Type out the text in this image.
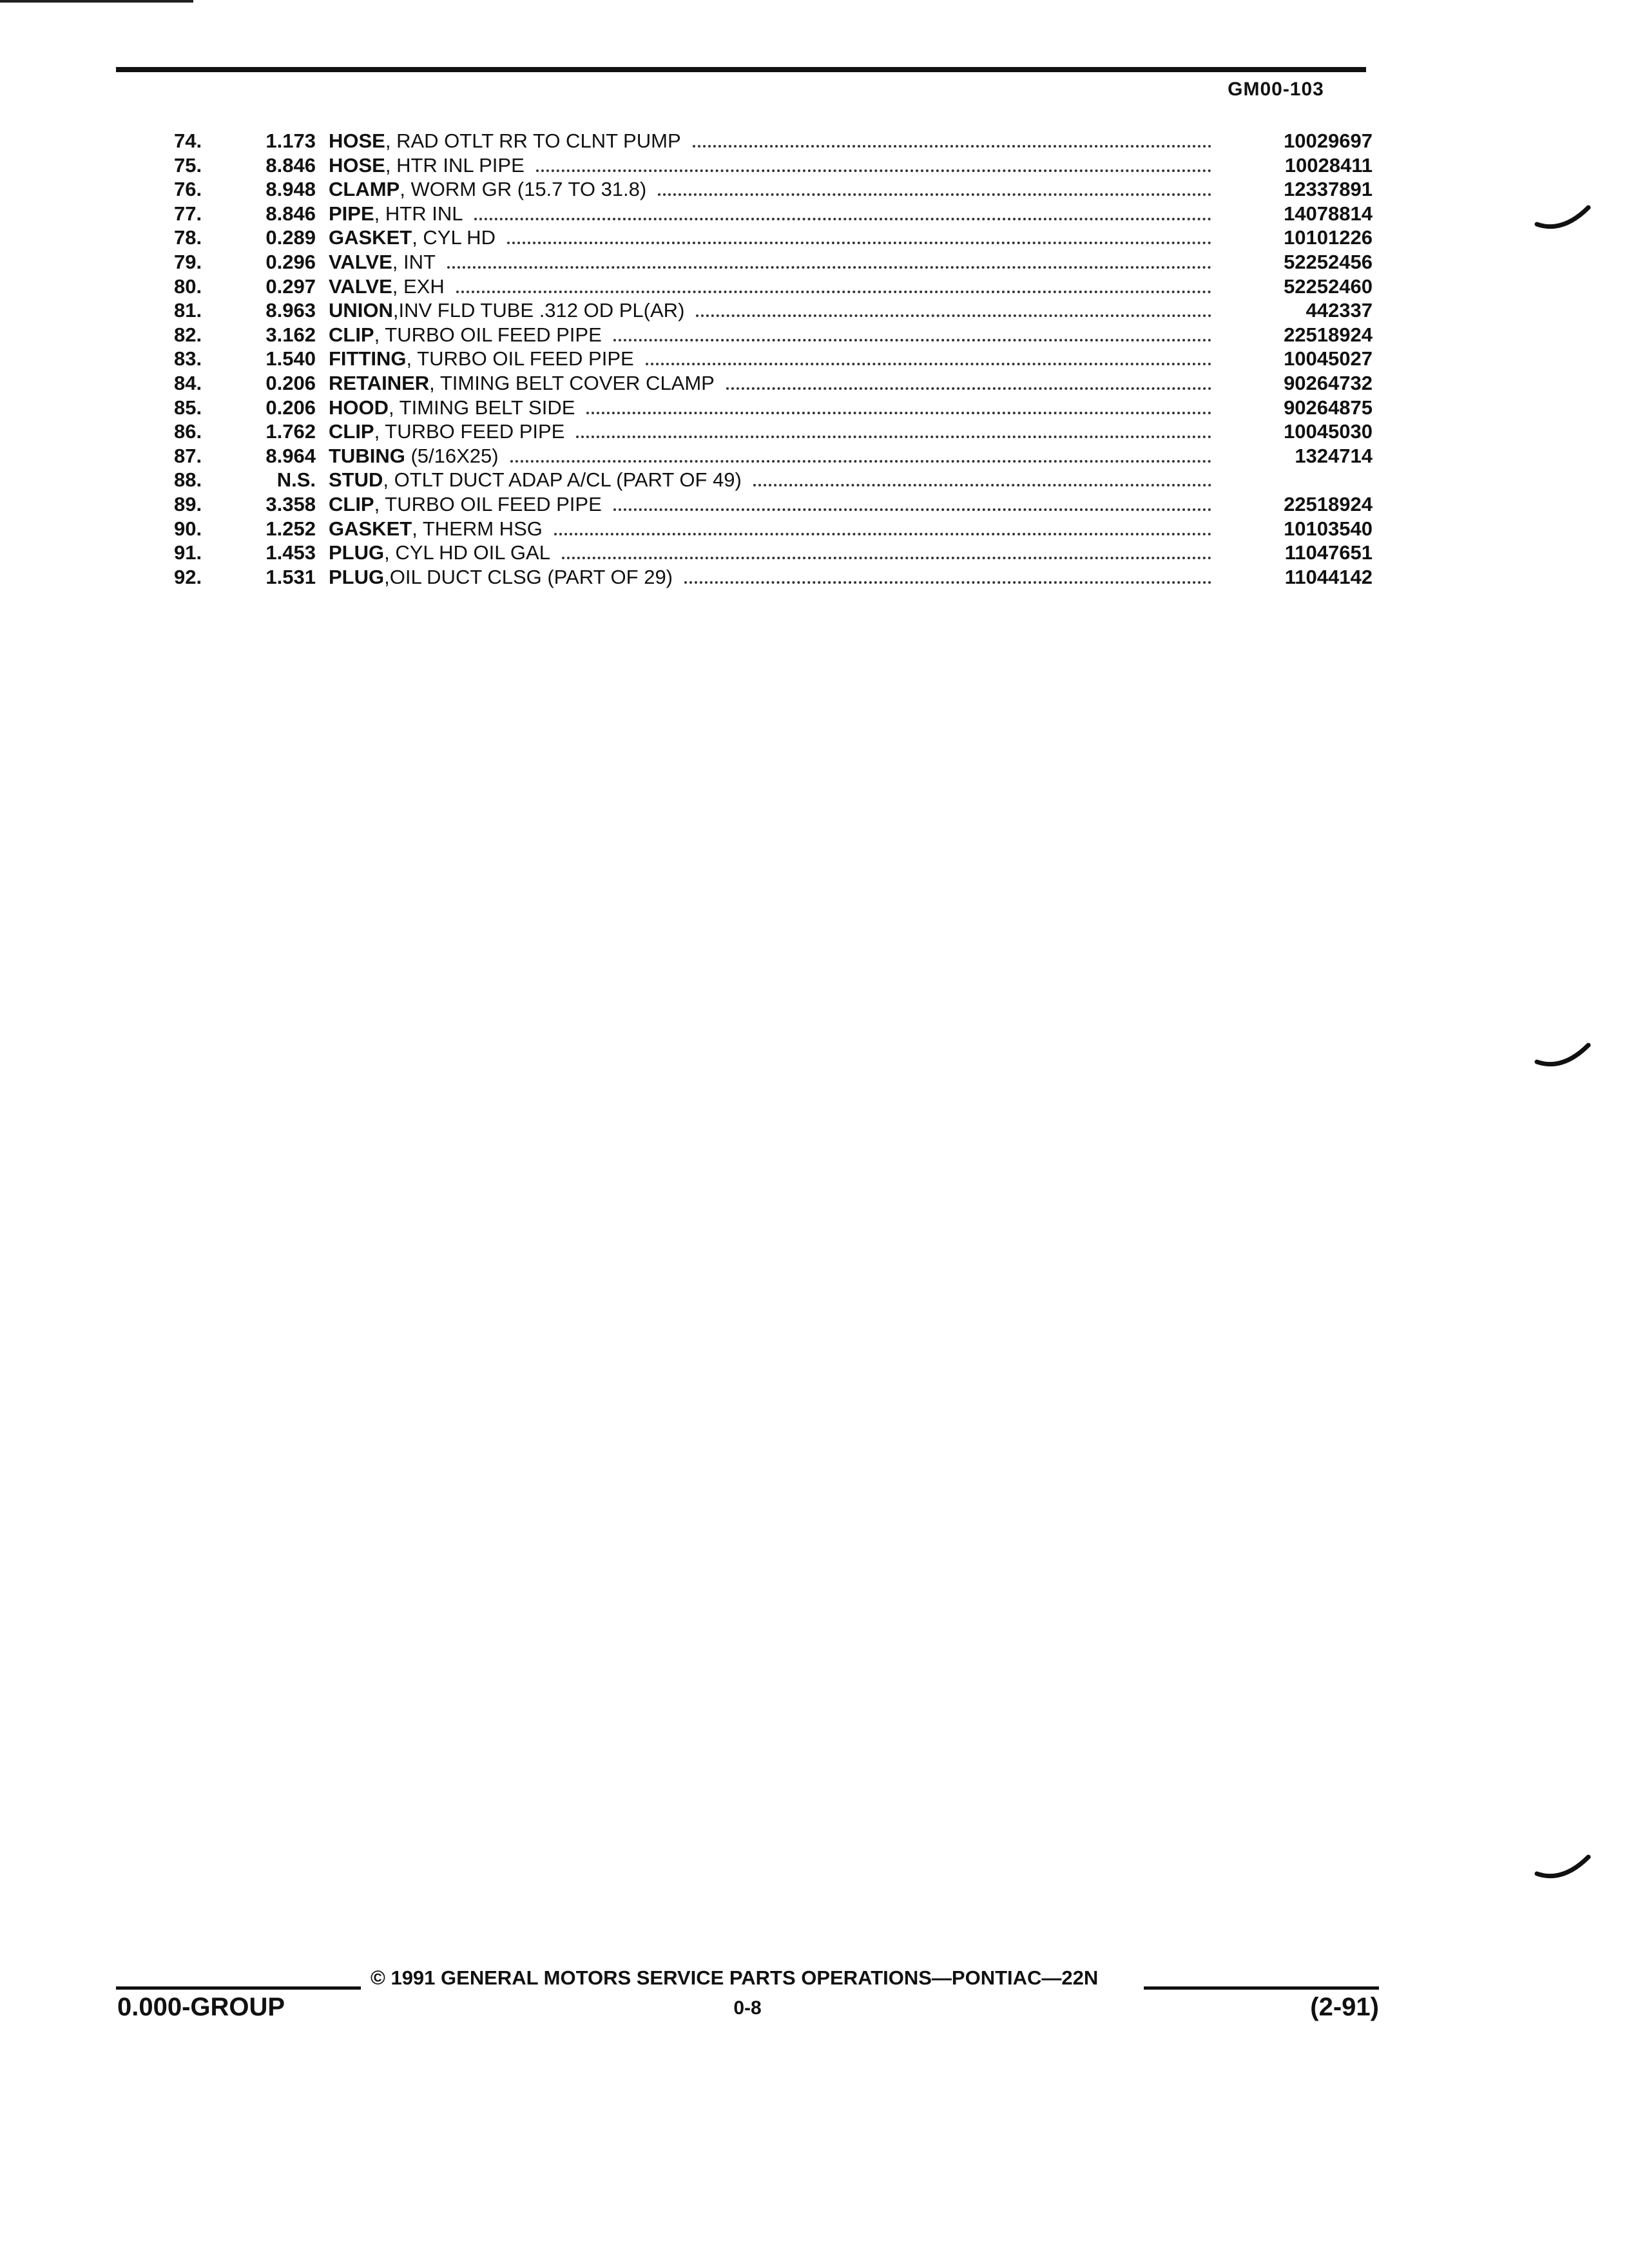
GM00-103
74.	1.173 HOSE, RAD OTLT RR TO CLNT PUMP	10029697
75.	8.846 HOSE, HTR INL PIPE	10028411
76.	8.948 CLAMP, WORM GR (15.7 TO 31.8)	12337891
77.	8.846 PIPE, HTR INL	14078814
78.	0.289 GASKET, CYL HD	10101226
79.	0.296 VALVE, INT	52252456
80.	0.297 VALVE, EXH	52252460
81.	8.963 UNION,INV FLD TUBE .312 OD PL(AR)	442337
82.	3.162 CLIP, TURBO OIL FEED PIPE	22518924
83.	1.540 FITTING, TURBO OIL FEED PIPE	10045027
84.	0.206 RETAINER, TIMING BELT COVER CLAMP	90264732
85.	0.206 HOOD, TIMING BELT SIDE	90264875
86.	1.762 CLIP, TURBO FEED PIPE	10045030
87.	8.964 TUBING (5/16X25)	1324714
88.	N.S. STUD, OTLT DUCT ADAP A/CL (PART OF 49)
89.	3.358 CLIP, TURBO OIL FEED PIPE	22518924
90.	1.252 GASKET, THERM HSG	10103540
91.	1.453 PLUG, CYL HD OIL GAL	11047651
92.	1.531 PLUG,OIL DUCT CLSG (PART OF 29)	11044142
© 1991 GENERAL MOTORS SERVICE PARTS OPERATIONS—PONTIAC—22N
0.000-GROUP	0-8	(2-91)
